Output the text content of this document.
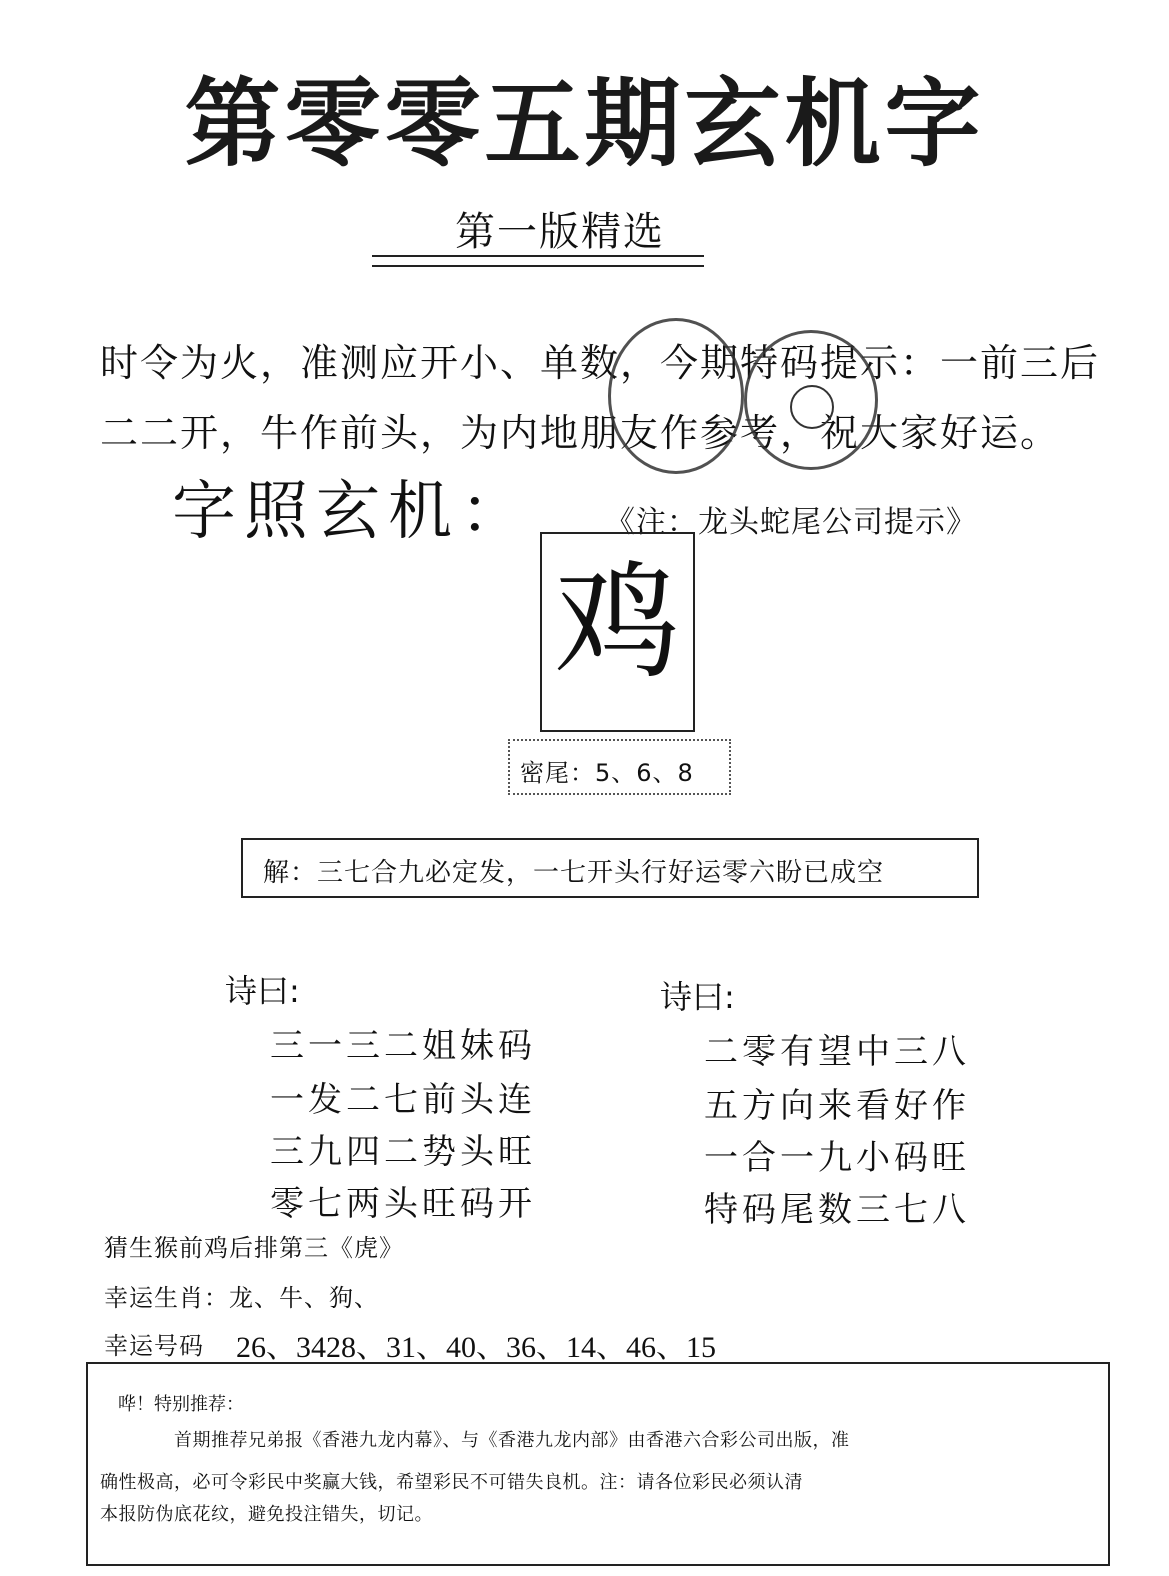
第零零五期玄机字
第一版精选
时令为火，准测应开小、单数，今期特码提示：一前三后
二二开，牛作前头，为内地朋友作参考，祝大家好运。
字照玄机： 《注：龙头蛇尾公司提示》
鸡
密尾：5、6、8
解：三七合九必定发，一七开头行好运零六盼已成空
诗曰:
三一三二姐妹码
一发二七前头连
三九四二势头旺
零七两头旺码开
诗曰:
二零有望中三八
五方向来看好作
一合一九小码旺
特码尾数三七八
猜生猴前鸡后排第三《虎》
幸运生肖：龙、牛、狗、
幸运号码 26、3428、31、40、36、14、46、15
哗！特别推荐：
首期推荐兄弟报《香港九龙内幕》、与《香港九龙内部》由香港六合彩公司出版，准
确性极高，必可令彩民中奖赢大钱，希望彩民不可错失良机。注：请各位彩民必须认清
本报防伪底花纹，避免投注错失，切记。
